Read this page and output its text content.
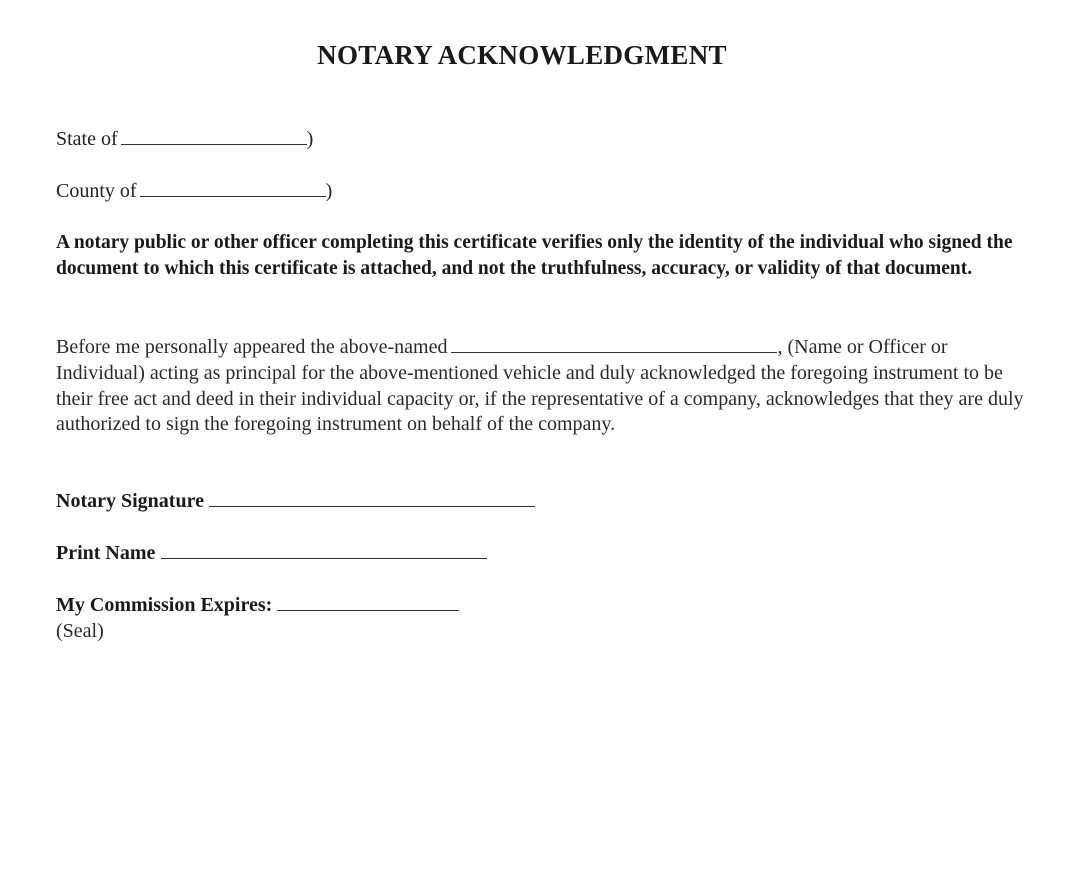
NOTARY ACKNOWLEDGMENT
State of	)
County of	)
A notary public or other officer completing this certificate verifies only the identity of the individual who signed the document to which this certificate is attached, and not the truthfulness, accuracy, or validity of that document.
Before me personally appeared the above-named	, (Name or Officer or Individual) acting as principal for the above-mentioned vehicle and duly acknowledged the foregoing instrument to be their free act and deed in their individual capacity or, if the representative of a company, acknowledges that they are duly authorized to sign the foregoing instrument on behalf of the company.
Notary Signature
Print Name
My Commission Expires:
(Seal)
